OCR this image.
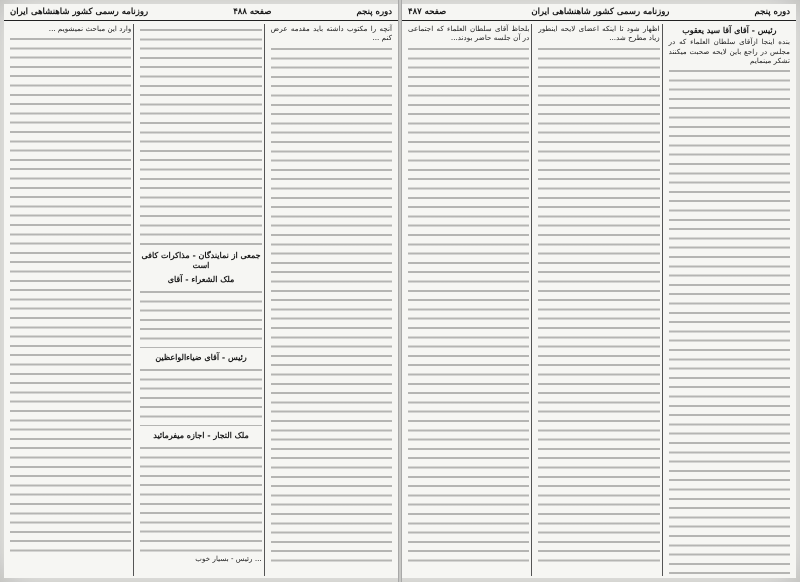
دوره پنجم
صفحه ۴۸۸
روزنامه رسمی کشور شاهنشاهی ایران

آنچه را مکتوب داشته باید مقدمه عرض کنم ...

جمعی از نمایندگان - مذاکرات کافی است
ملک الشعراء - آقای
رئیس - آقای ضیاءالواعظین
ملک التجار - اجازه میفرمائید

... رئیس - بسیار خوب

وارد این مباحث نمیشویم ...

دوره پنجم
روزنامه رسمی کشور شاهنشاهی ایران
صفحه ۴۸۷
رئیس - آقای آقا سید یعقوب

بنده اینجا ازآقای سلطان العلماء که در مجلس در راجع باین لایحه صحبت میکنند تشکر مینمایم

اظهار شود تا اینکه اعضای لایحه اینطور زیاد مطرح شد...

بلحاظ آقای سلطان العلماء که اجتماعی در آن جلسه حاضر بودند...
